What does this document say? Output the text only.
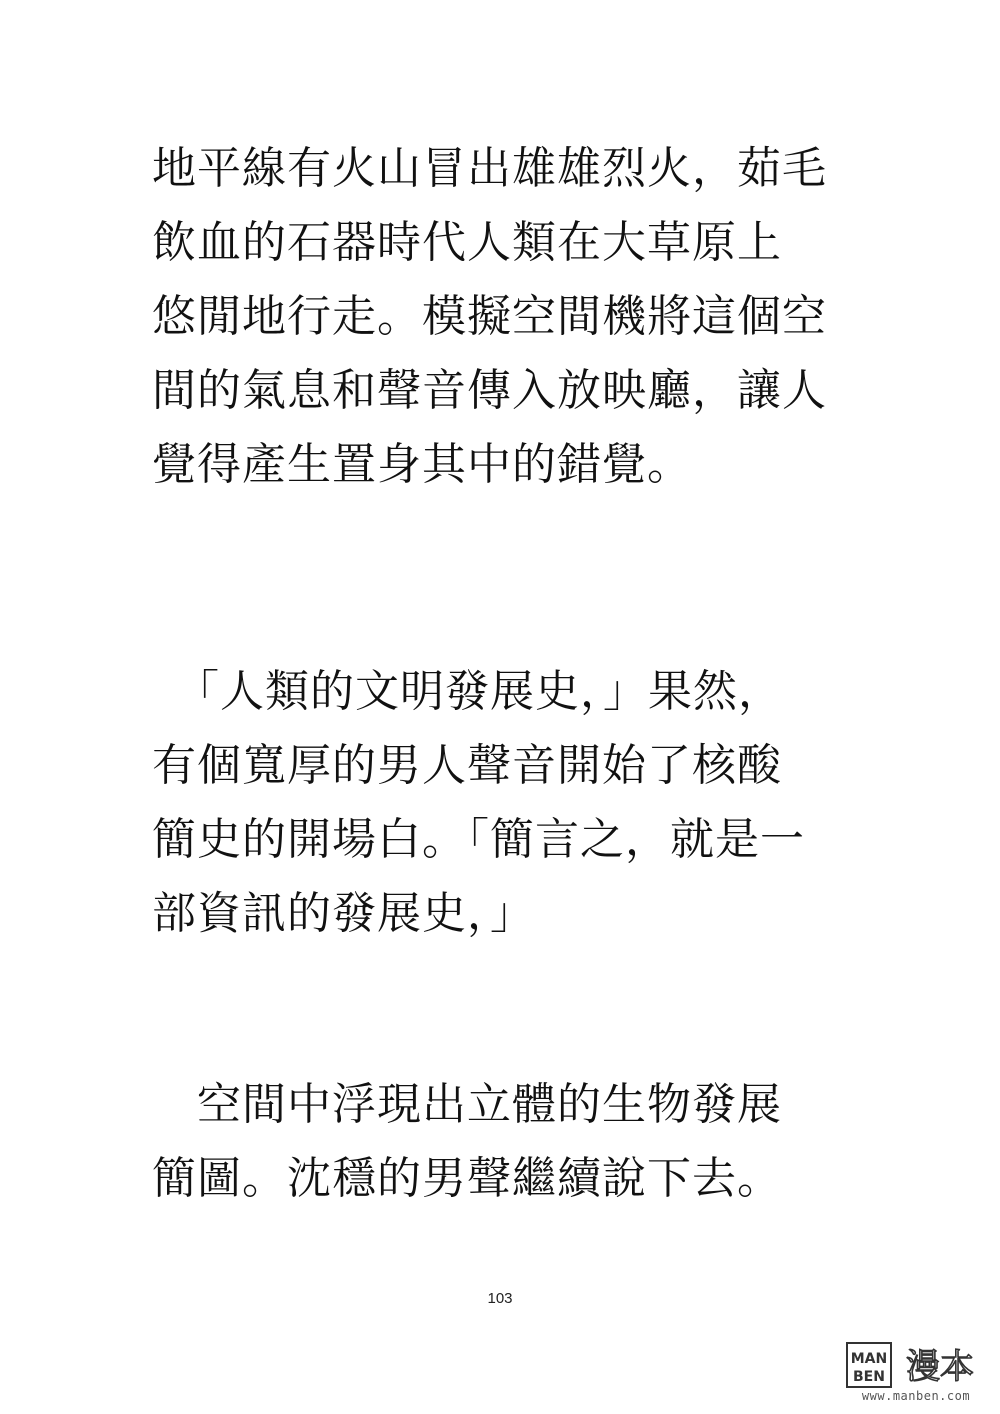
地平線有火山冒出雄雄烈火，茹毛
飲血的石器時代人類在大草原上
悠閒地行走。模擬空間機將這個空
間的氣息和聲音傳入放映廳，讓人
覺得產生置身其中的錯覺。
　「人類的文明發展史，」果然，
有個寬厚的男人聲音開始了核酸
簡史的開場白。「簡言之，就是一
部資訊的發展史，」
　空間中浮現出立體的生物發展
簡圖。沈穩的男聲繼續說下去。
103
MAN
BEN 漫本
www.manben.com
